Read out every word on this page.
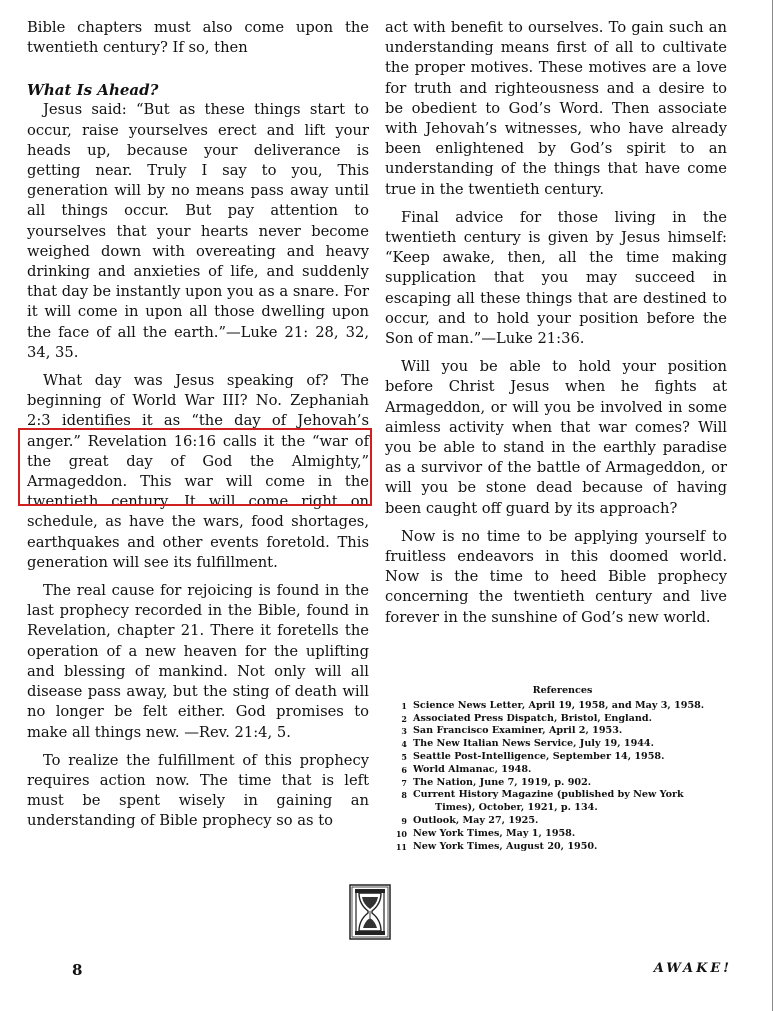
Bible chapters must also come upon the twentieth century? If so, then

What Is Ahead?

Jesus said: “But as these things start to occur, raise yourselves erect and lift your heads up, because your deliverance is getting near. Truly I say to you, This generation will by no means pass away until all things occur. But pay attention to yourselves that your hearts never become weighed down with overeating and heavy drinking and anxieties of life, and suddenly that day be instantly upon you as a snare. For it will come in upon all those dwelling upon the face of all the earth.”—Luke 21: 28, 32, 34, 35.

What day was Jesus speaking of? The beginning of World War III? No. Zephaniah 2:3 identifies it as “the day of Jehovah’s anger.” Revelation 16:16 calls it the “war of the great day of God the Almighty,” Armageddon. This war will come in the twentieth century. It will come right on schedule, as have the wars, food shortages, earthquakes and other events foretold. This generation will see its fulfillment.

The real cause for rejoicing is found in the last prophecy recorded in the Bible, found in Revelation, chapter 21. There it foretells the operation of a new heaven for the uplifting and blessing of mankind. Not only will all disease pass away, but the sting of death will no longer be felt either. God promises to make all things new. —Rev. 21:4, 5.

To realize the fulfillment of this prophecy requires action now. The time that is left must be spent wisely in gaining an understanding of Bible prophecy so as to

act with benefit to ourselves. To gain such an understanding means first of all to cultivate the proper motives. These motives are a love for truth and righteousness and a desire to be obedient to God’s Word. Then associate with Jehovah’s witnesses, who have already been enlightened by God’s spirit to an understanding of the things that have come true in the twentieth century.

Final advice for those living in the twentieth century is given by Jesus himself: “Keep awake, then, all the time making supplication that you may succeed in escaping all these things that are destined to occur, and to hold your position before the Son of man.”—Luke 21:36.

Will you be able to hold your position before Christ Jesus when he fights at Armageddon, or will you be involved in some aimless activity when that war comes? Will you be able to stand in the earthly paradise as a survivor of the battle of Armageddon, or will you be stone dead because of having been caught off guard by its approach?

Now is no time to be applying yourself to fruitless endeavors in this doomed world. Now is the time to heed Bible prophecy concerning the twentieth century and live forever in the sunshine of God’s new world.

References
1 Science News Letter, April 19, 1958, and May 3, 1958.
2 Associated Press Dispatch, Bristol, England.
3 San Francisco Examiner, April 2, 1953.
4 The New Italian News Service, July 19, 1944.
5 Seattle Post-Intelligence, September 14, 1958.
6 World Almanac, 1948.
7 The Nation, June 7, 1919, p. 902.
8 Current History Magazine (published by New York
Times), October, 1921, p. 134.
9 Outlook, May 27, 1925.
10 New York Times, May 1, 1958.
11 New York Times, August 20, 1950.
8	AWAKE!
